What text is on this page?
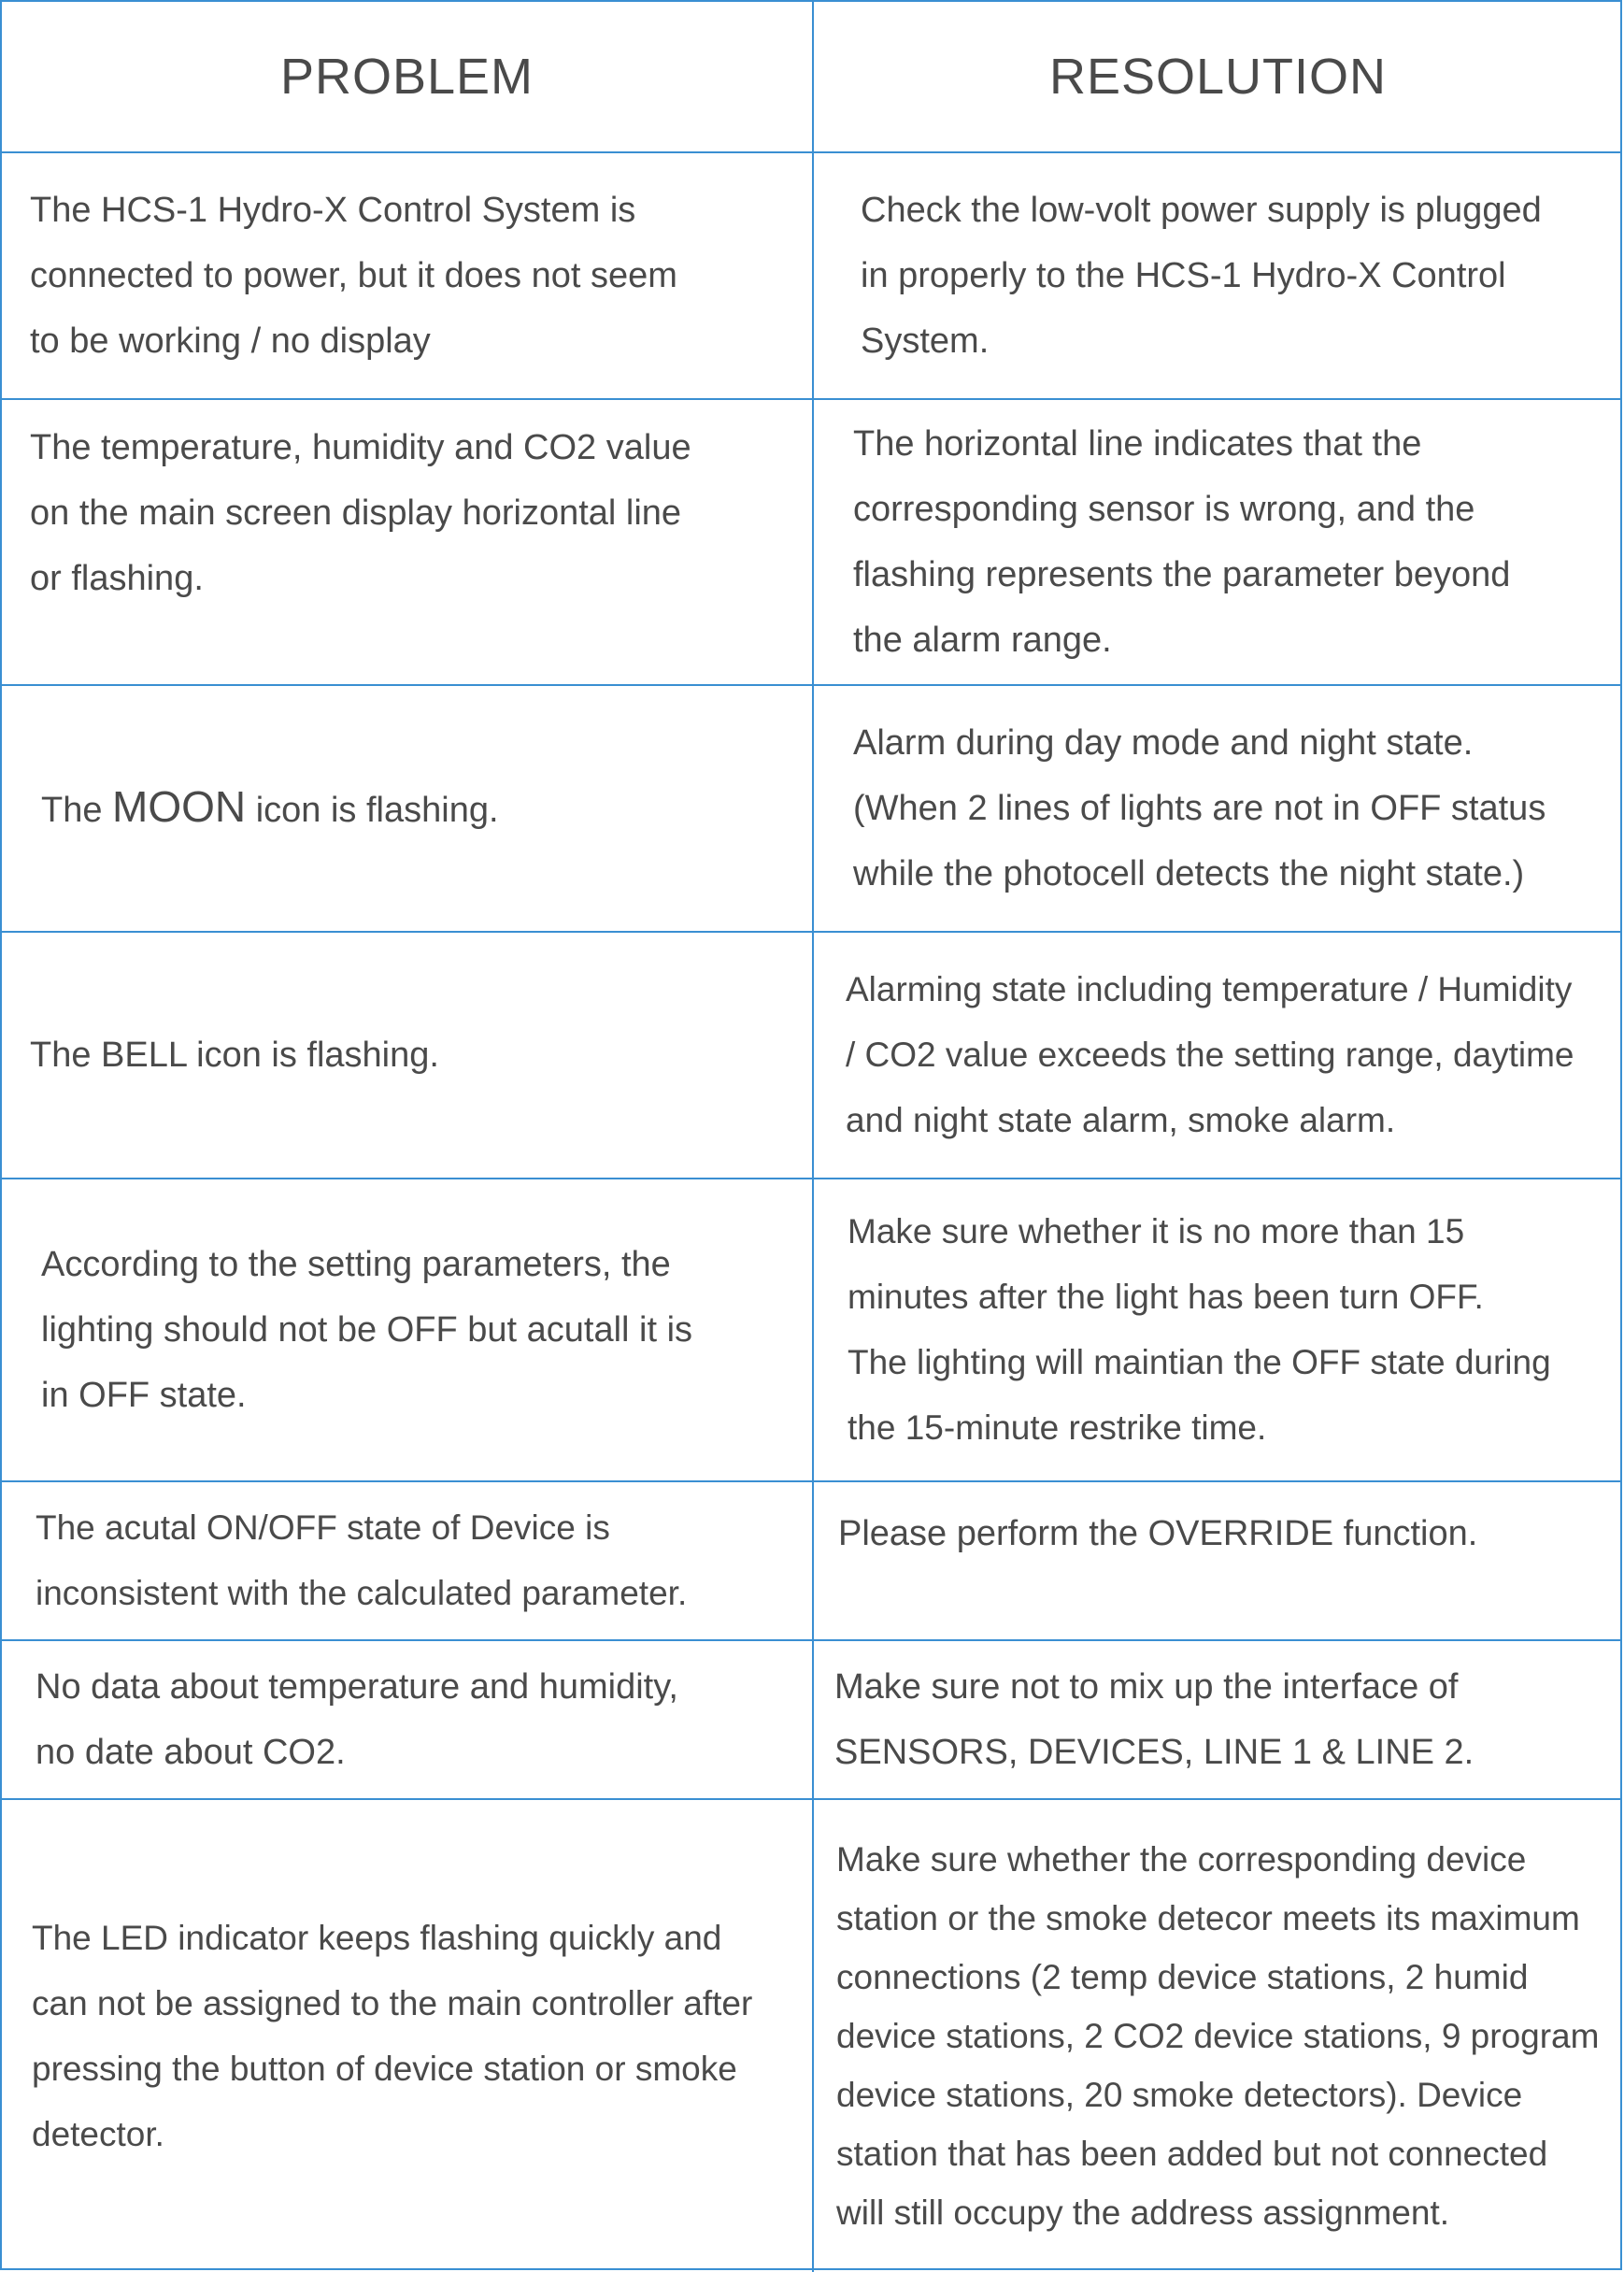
PROBLEM	RESOLUTION
The HCS-1 Hydro-X Control System is
connected to power, but it does not seem
to be working / no display
Check the low-volt power supply is plugged
in properly to the HCS-1 Hydro-X Control
System.
The temperature, humidity and CO2 value
on the main screen display horizontal line
or flashing.
The horizontal line indicates that the
corresponding sensor is wrong, and the
flashing represents the parameter beyond
the alarm range.
The MOON icon is flashing.
Alarm during day mode and night state.
(When 2 lines of lights are not in OFF status
while the photocell detects the night state.)
The BELL icon is flashing.
Alarming state including temperature / Humidity
/ CO2 value exceeds the setting range, daytime
and night state alarm, smoke alarm.
According to the setting parameters, the
lighting should not be OFF but acutall it is
in OFF state.
Make sure whether it is no more than 15
minutes after the light has been turn OFF.
The lighting will maintian the OFF state during
the 15-minute restrike time.
The acutal ON/OFF state of Device is
inconsistent with the calculated parameter.
Please perform the OVERRIDE function.
No data about temperature and humidity,
no date about CO2.
Make sure not to mix up the interface of
SENSORS, DEVICES, LINE 1 & LINE 2.
The LED indicator keeps flashing quickly and
can not be assigned to the main controller after
pressing the button of device station or smoke
detector.
Make sure whether the corresponding device
station or the smoke detecor meets its maximum
connections (2 temp device stations, 2 humid
device stations, 2 CO2 device stations, 9 program
device stations, 20 smoke detectors). Device
station that has been added but not connected
will still occupy the address assignment.
